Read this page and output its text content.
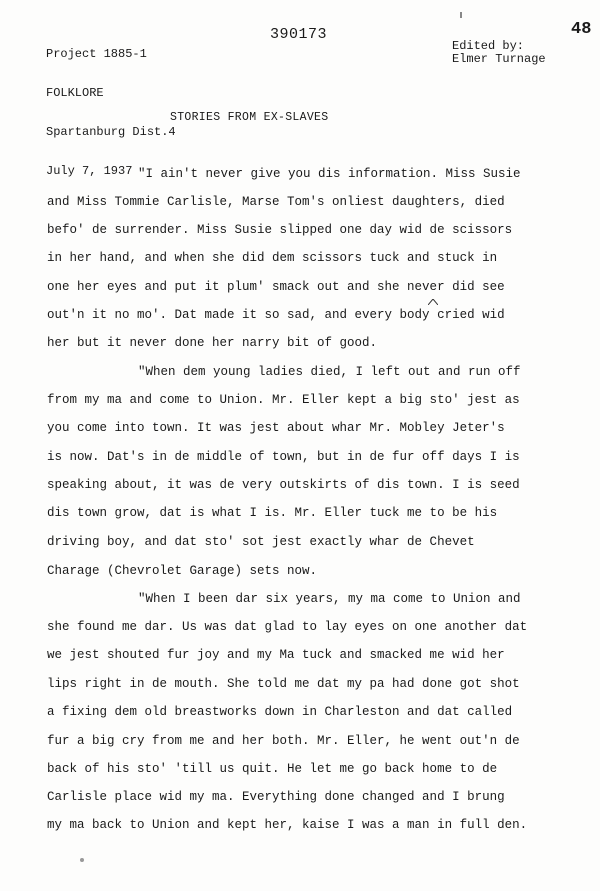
Project 1885-1

FOLKLORE

Spartanburg Dist.4

July 7, 1937

390173
Edited by:
Elmer Turnage
48
STORIES FROM EX-SLAVES
"I ain't never give you dis information. Miss Susie
and Miss Tommie Carlisle, Marse Tom's onliest daughters, died
befo' de surrender. Miss Susie slipped one day wid de scissors
in her hand, and when she did dem scissors tuck and stuck in
one her eyes and put it plum' smack out and she never did see
out'n it no mo'. Dat made it so sad, and every body cried wid
her but it never done her narry bit of good.
"When dem young ladies died, I left out and run off
from my ma and come to Union. Mr. Eller kept a big sto' jest as
you come into town. It was jest about whar Mr. Mobley Jeter's
is now. Dat's in de middle of town, but in de fur off days I is
speaking about, it was de very outskirts of dis town. I is seed
dis town grow, dat is what I is. Mr. Eller tuck me to be his
driving boy, and dat sto' sot jest exactly whar de Chevet
Charage (Chevrolet Garage) sets now.
"When I been dar six years, my ma come to Union and
she found me dar. Us was dat glad to lay eyes on one another dat
we jest shouted fur joy and my Ma tuck and smacked me wid her
lips right in de mouth. She told me dat my pa had done got shot
a fixing dem old breastworks down in Charleston and dat called
fur a big cry from me and her both. Mr. Eller, he went out'n de
back of his sto' 'till us quit. He let me go back home to de
Carlisle place wid my ma. Everything done changed and I brung
my ma back to Union and kept her, kaise I was a man in full den.
